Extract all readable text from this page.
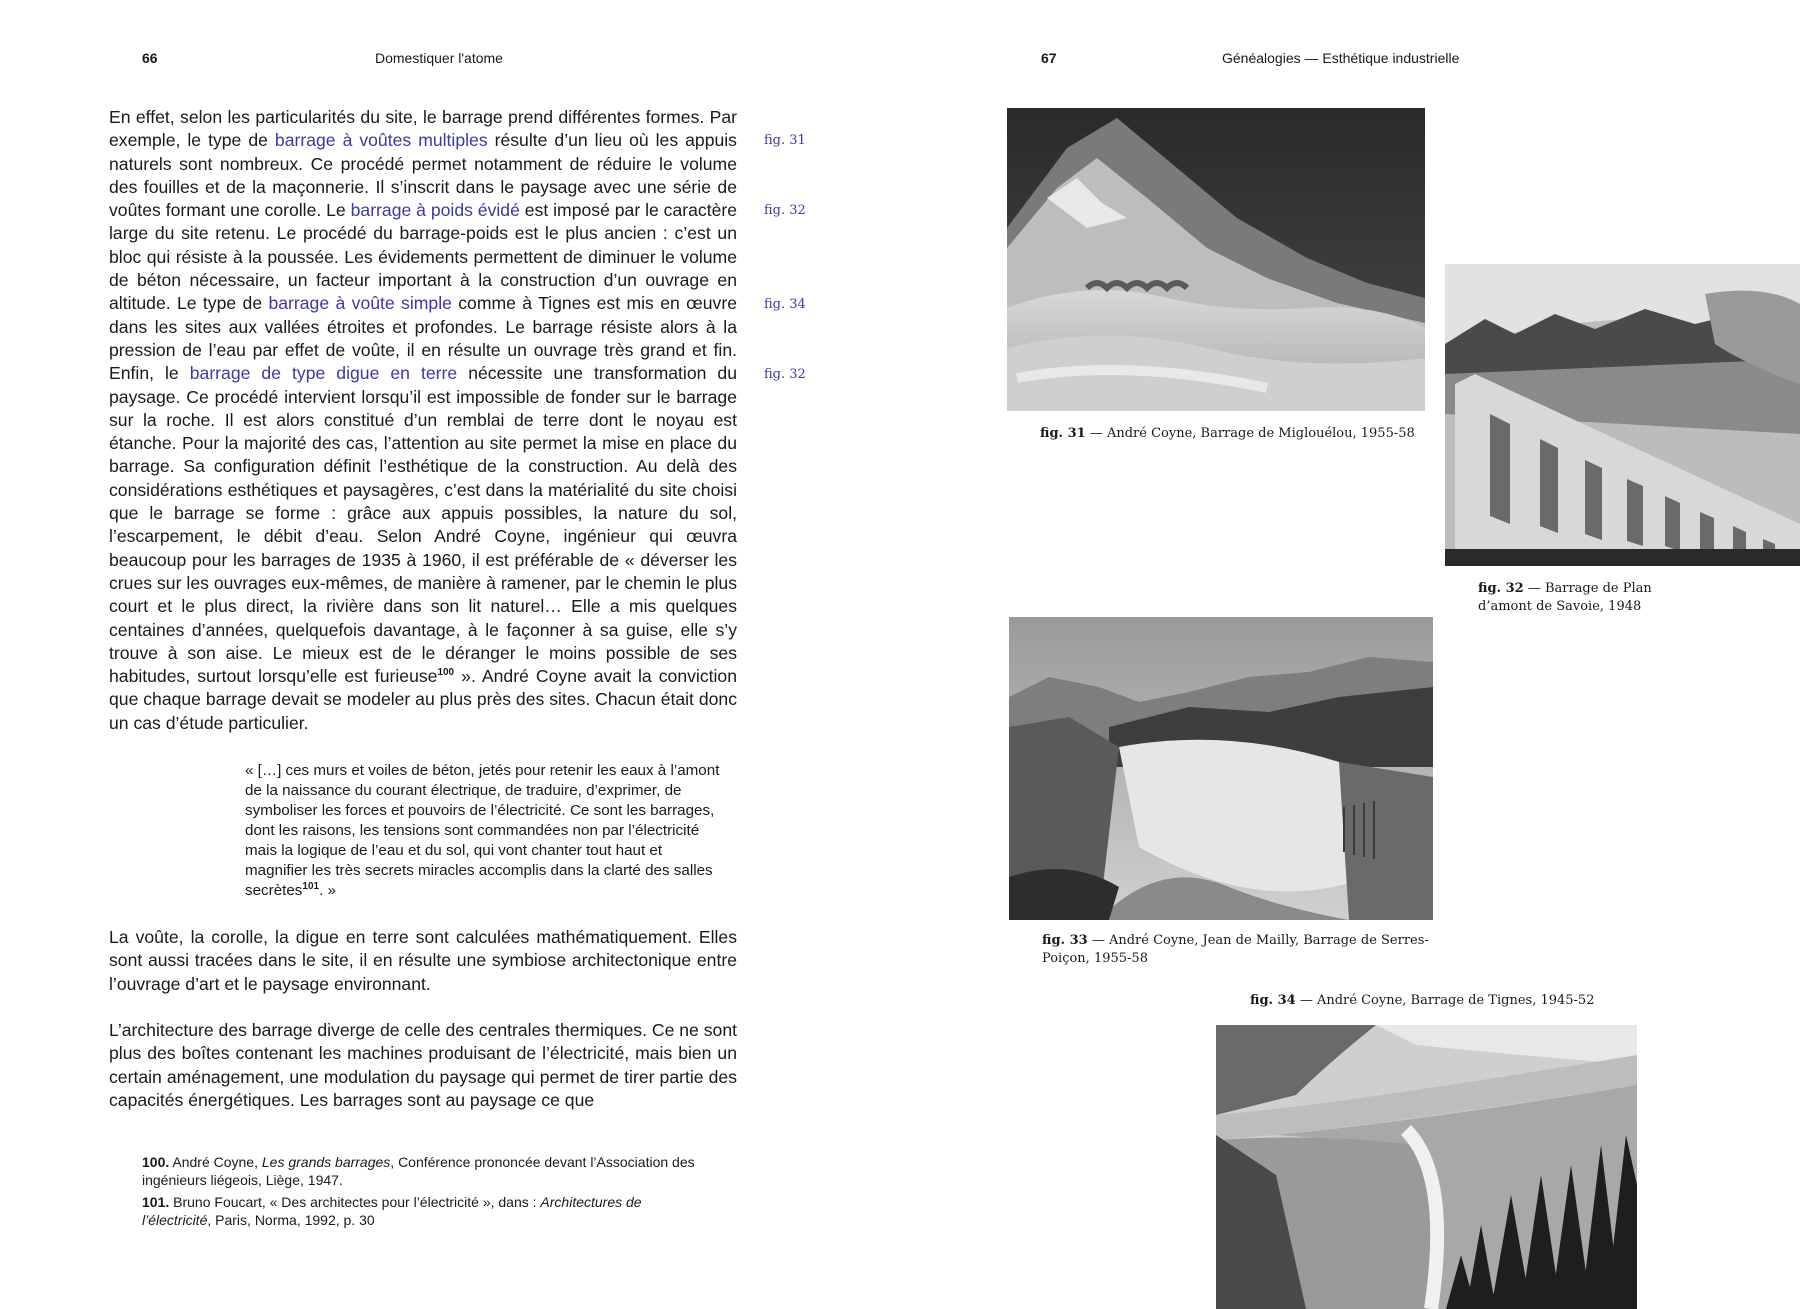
66	Domestiquer l'atome	67	Généalogies — Esthétique industrielle

En effet, selon les particularités du site, le barrage prend différentes formes. Par exemple, le type de barrage à voûtes multiples résulte d’un lieu où les appuis naturels sont nombreux. Ce procédé permet notamment de réduire le volume des fouilles et de la maçonnerie. Il s’inscrit dans le paysage avec une série de voûtes formant une corolle. Le barrage à poids évidé est imposé par le caractère large du site retenu. Le procédé du barrage-poids est le plus ancien : c’est un bloc qui résiste à la poussée. Les évidements permettent de diminuer le volume de béton nécessaire, un facteur important à la construction d’un ouvrage en altitude. Le type de barrage à voûte simple comme à Tignes est mis en œuvre dans les sites aux vallées étroites et profondes. Le barrage résiste alors à la pression de l’eau par effet de voûte, il en résulte un ouvrage très grand et fin. Enfin, le barrage de type digue en terre nécessite une transformation du paysage. Ce procédé intervient lorsqu’il est impossible de fonder sur le barrage sur la roche. Il est alors constitué d’un remblai de terre dont le noyau est étanche. Pour la majorité des cas, l’attention au site permet la mise en place du barrage. Sa configuration définit l’esthétique de la construction. Au delà des considérations esthétiques et paysagères, c’est dans la matérialité du site choisi que le barrage se forme : grâce aux appuis possibles, la nature du sol, l’escarpement, le débit d’eau. Selon André Coyne, ingénieur qui œuvra beaucoup pour les barrages de 1935 à 1960, il est préférable de « déverser les crues sur les ouvrages eux-mêmes, de manière à ramener, par le chemin le plus court et le plus direct, la rivière dans son lit naturel… Elle a mis quelques centaines d’années, quelquefois davantage, à le façonner à sa guise, elle s’y trouve à son aise. Le mieux est de le déranger le moins possible de ses habitudes, surtout lorsqu’elle est furieuse$^{100}$ ». André Coyne avait la conviction que chaque barrage devait se modeler au plus près des sites. Chacun était donc un cas d’étude particulier.

fig. 31
fig. 32
fig. 34
fig. 32

« […] ces murs et voiles de béton, jetés pour retenir les eaux à l’amont de la naissance du courant électrique, de traduire, d’exprimer, de symboliser les forces et pouvoirs de l’électricité. Ce sont les barrages, dont les raisons, les tensions sont commandées non par l’électricité mais la logique de l’eau et du sol, qui vont chanter tout haut et magnifier les très secrets miracles accomplis dans la clarté des salles secrètes$^{101}$. »

La voûte, la corolle, la digue en terre sont calculées mathématiquement. Elles sont aussi tracées dans le site, il en résulte une symbiose architectonique entre l’ouvrage d’art et le paysage environnant.

L’architecture des barrage diverge de celle des centrales thermiques. Ce ne sont plus des boîtes contenant les machines produisant de l’électricité, mais bien un certain aménagement, une modulation du paysage qui permet de tirer partie des capacités énergétiques. Les barrages sont au paysage ce que

100. André Coyne, Les grands barrages, Conférence prononcée devant l’Association des ingénieurs liégeois, Liège, 1947.

101. Bruno Foucart, « Des architectes pour l’électricité », dans : Architectures de l’électricité, Paris, Norma, 1992, p. 30

fig. 31 — André Coyne, Barrage de Miglouélou, 1955-58
fig. 32 — Barrage de Plan d’amont de Savoie, 1948
fig. 33 — André Coyne, Jean de Mailly, Barrage de Serres-Poiçon, 1955-58
fig. 34 — André Coyne, Barrage de Tignes, 1945-52
